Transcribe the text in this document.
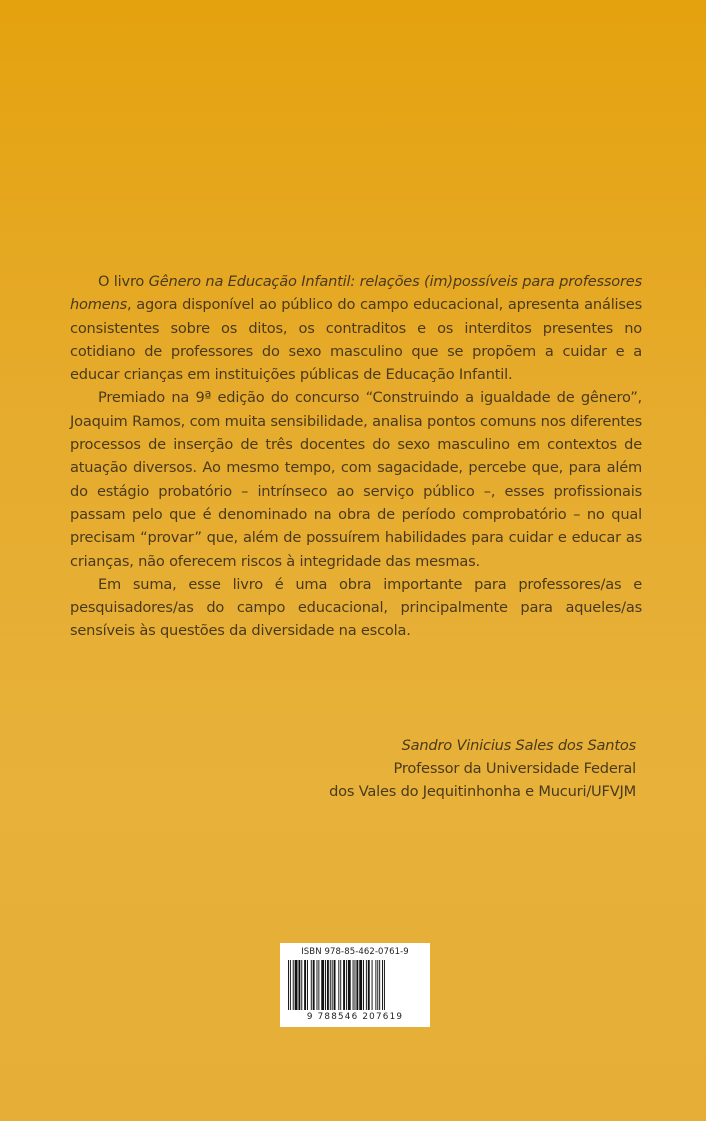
O livro Gênero na Educação Infantil: relações (im)possíveis para professores homens, agora disponível ao público do campo educacional, apresenta análises consistentes sobre os ditos, os contraditos e os interditos presentes no cotidiano de professores do sexo masculino que se propõem a cuidar e a educar crianças em instituições públicas de Educação Infantil.

Premiado na 9ª edição do concurso “Construindo a igualdade de gênero”, Joaquim Ramos, com muita sensibilidade, analisa pontos comuns nos diferentes processos de inserção de três docentes do sexo masculino em contextos de atuação diversos. Ao mesmo tempo, com sagacidade, percebe que, para além do estágio probatório – intrínseco ao serviço público –, esses profissionais passam pelo que é denominado na obra de período comprobatório – no qual precisam “provar” que, além de possuírem habilidades para cuidar e educar as crianças, não oferecem riscos à integridade das mesmas.

Em suma, esse livro é uma obra importante para professores/as e pesquisadores/as do campo educacional, principalmente para aqueles/as sensíveis às questões da diversidade na escola.

Sandro Vinicius Sales dos Santos
Professor da Universidade Federal
dos Vales do Jequitinhonha e Mucuri/UFVJM
ISBN 978-85-462-0761-9
9 788546 207619
